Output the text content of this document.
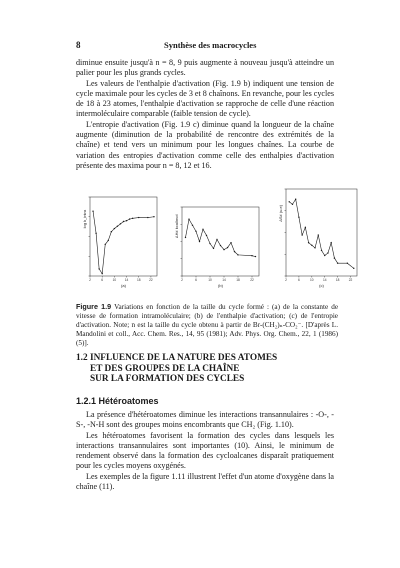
8	Synthèse des macrocycles

diminue ensuite jusqu'à n = 8, 9 puis augmente à nouveau jusqu'à atteindre un palier pour les plus grands cycles.

Les valeurs de l'enthalpie d'activation (Fig. 1.9 b) indiquent une tension de cycle maximale pour les cycles de 3 et 8 chaînons. En revanche, pour les cycles de 18 à 23 atomes, l'enthalpie d'activation se rapproche de celle d'une réaction intermoléculaire comparable (faible tension de cycle).

L'entropie d'activation (Fig. 1.9 c) diminue quand la longueur de la chaîne augmente (diminution de la probabilité de rencontre des extrémités de la chaîne) et tend vers un minimum pour les longues chaînes. La courbe de variation des entropies d'activation comme celle des enthalpies d'activation présente des maxima pour n = 8, 12 et 16.

2	6	10	14	18	22
log k_intra
(a)
2	6	10	14	18	22
ΔH≠ kcal/mol
(b)
2	6	10	14	18	22
ΔS≠ (u.e)
(c)

Figure 1.9 Variations en fonction de la taille du cycle formé : (a) de la constante de vitesse de formation intramoléculaire; (b) de l'enthalpie d'activation; (c) de l'entropie d'activation. Note; n est la taille du cycle obtenu à partir de Br-(CH₂)ₙ-CO₂⁻. [D'après L. Mandolini et coll., Acc. Chem. Res., 14, 95 (1981); Adv. Phys. Org. Chem., 22, 1 (1986) (5)].

1.2 INFLUENCE DE LA NATURE DES ATOMES
ET DES GROUPES DE LA CHAÎNE
SUR LA FORMATION DES CYCLES
1.2.1 Hétéroatomes

La présence d'hétéroatomes diminue les interactions transannulaires : -O-, -S-, -N-H sont des groupes moins encombrants que CH₂ (Fig. 1.10).

Les hétéroatomes favorisent la formation des cycles dans lesquels les interactions transannulaires sont importantes (10). Ainsi, le minimum de rendement observé dans la formation des cycloalcanes disparaît pratiquement pour les cycles moyens oxygénés.

Les exemples de la figure 1.11 illustrent l'effet d'un atome d'oxygène dans la chaîne (11).
